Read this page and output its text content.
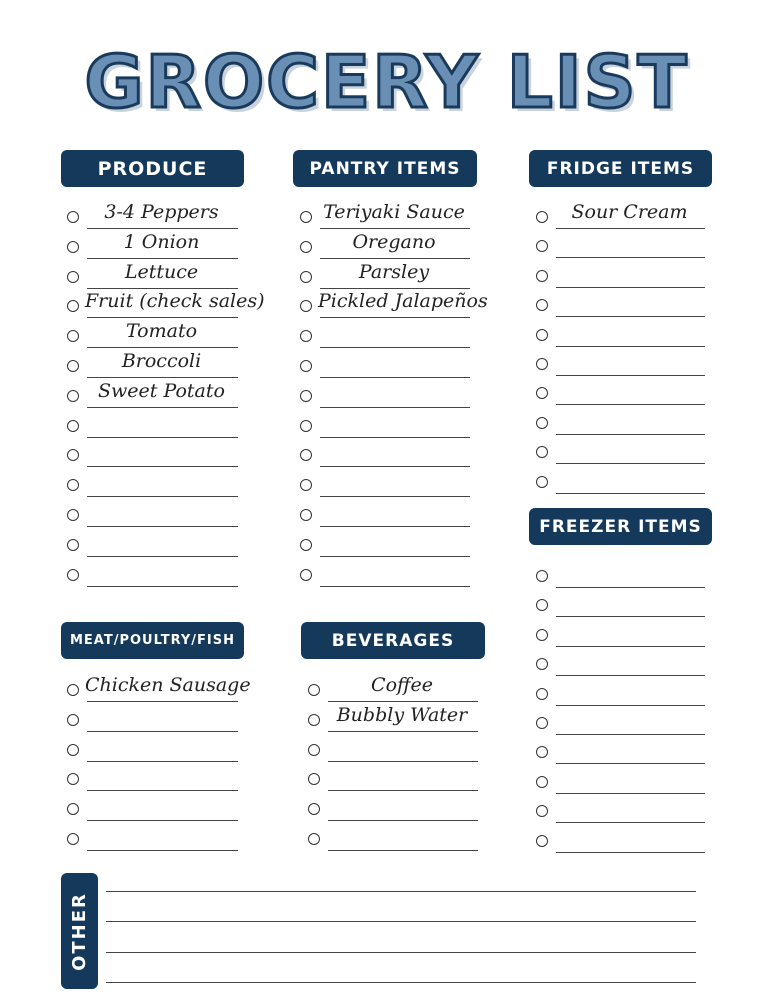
GROCERY LIST
PRODUCE	PANTRY ITEMS	FRIDGE ITEMS
FREEZER ITEMS
MEAT/POULTRY/FISH	BEVERAGES
3-4 Peppers
1 Onion
Lettuce
Fruit (check sales)
Tomato
Broccoli
Sweet Potato
Teriyaki Sauce
Oregano
Parsley
Pickled Jalapeños
Sour Cream
Chicken Sausage	Coffee
Bubbly Water
OTHER
